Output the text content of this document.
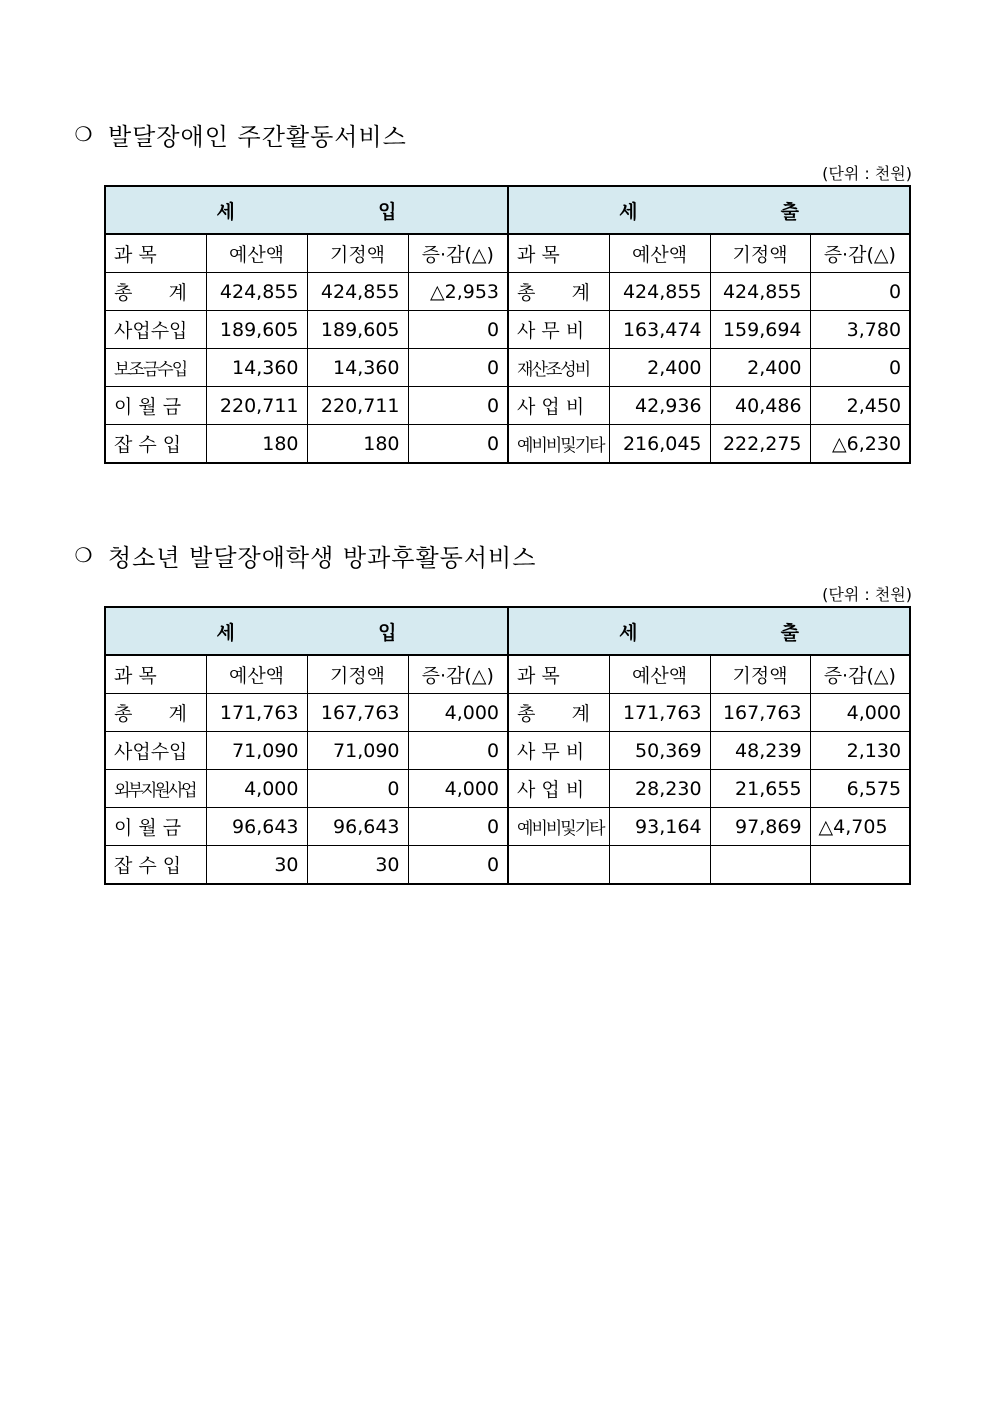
❍ 발달장애인 주간활동서비스
(단위 : 천원)
세 입				세 출			
과 목	예산액	기정액	증·감(△)	과 목	예산액	기정액	증·감(△)
총      계	424,855	424,855	△2,953	총      계	424,855	424,855	0
사업수입	189,605	189,605	0	사 무 비	163,474	159,694	3,780
보조금수입	14,360	14,360	0	재산조성비	2,400	2,400	0
이 월 금	220,711	220,711	0	사 업 비	42,936	40,486	2,450
잡 수 입	180	180	0	예비비및기타	216,045	222,275	△6,230
❍ 청소년 발달장애학생 방과후활동서비스
(단위 : 천원)
세 입				세 출			
과 목	예산액	기정액	증·감(△)	과 목	예산액	기정액	증·감(△)
총      계	171,763	167,763	4,000	총      계	171,763	167,763	4,000
사업수입	71,090	71,090	0	사 무 비	50,369	48,239	2,130
외부지원사업	4,000	0	4,000	사 업 비	28,230	21,655	6,575
이 월 금	96,643	96,643	0	예비비및기타	93,164	97,869	△4,705
잡 수 입	30	30	0				
